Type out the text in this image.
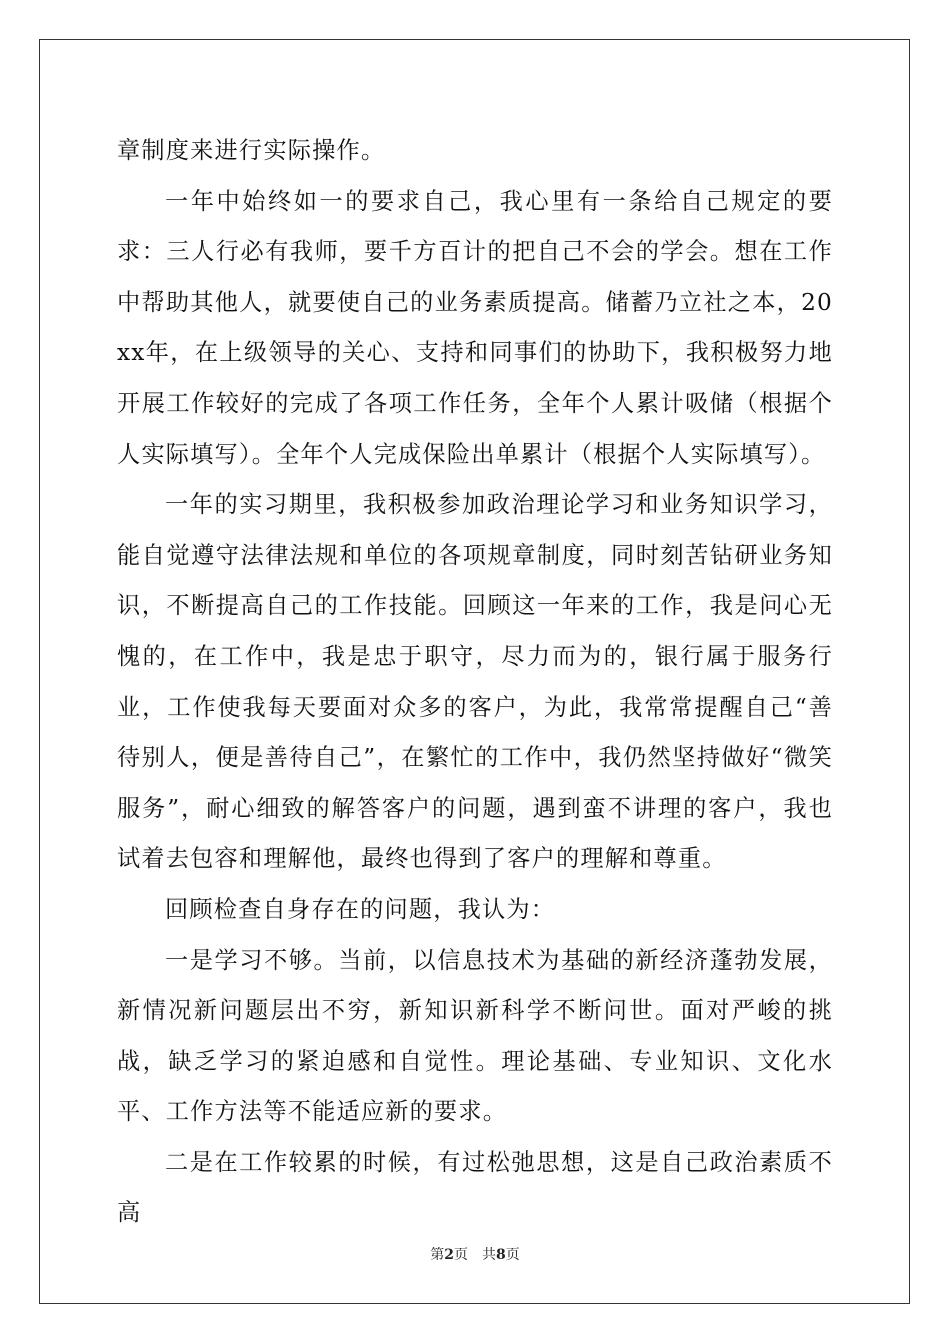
章制度来进行实际操作。

一年中始终如一的要求自己，我心里有一条给自己规定的要求：三人行必有我师，要千方百计的把自己不会的学会。想在工作中帮助其他人，就要使自己的业务素质提高。储蓄乃立社之本，20xx年，在上级领导的关心、支持和同事们的协助下，我积极努力地开展工作较好的完成了各项工作任务，全年个人累计吸储（根据个人实际填写）。全年个人完成保险出单累计（根据个人实际填写）。

一年的实习期里，我积极参加政治理论学习和业务知识学习，能自觉遵守法律法规和单位的各项规章制度，同时刻苦钻研业务知识，不断提高自己的工作技能。回顾这一年来的工作，我是问心无愧的，在工作中，我是忠于职守，尽力而为的，银行属于服务行业，工作使我每天要面对众多的客户，为此，我常常提醒自己“善待别人，便是善待自己”，在繁忙的工作中，我仍然坚持做好“微笑服务”，耐心细致的解答客户的问题，遇到蛮不讲理的客户，我也试着去包容和理解他，最终也得到了客户的理解和尊重。

回顾检查自身存在的问题，我认为：

一是学习不够。当前，以信息技术为基础的新经济蓬勃发展，新情况新问题层出不穷，新知识新科学不断问世。面对严峻的挑战，缺乏学习的紧迫感和自觉性。理论基础、专业知识、文化水平、工作方法等不能适应新的要求。

二是在工作较累的时候，有过松弛思想，这是自己政治素质不高

第2页　共8页
